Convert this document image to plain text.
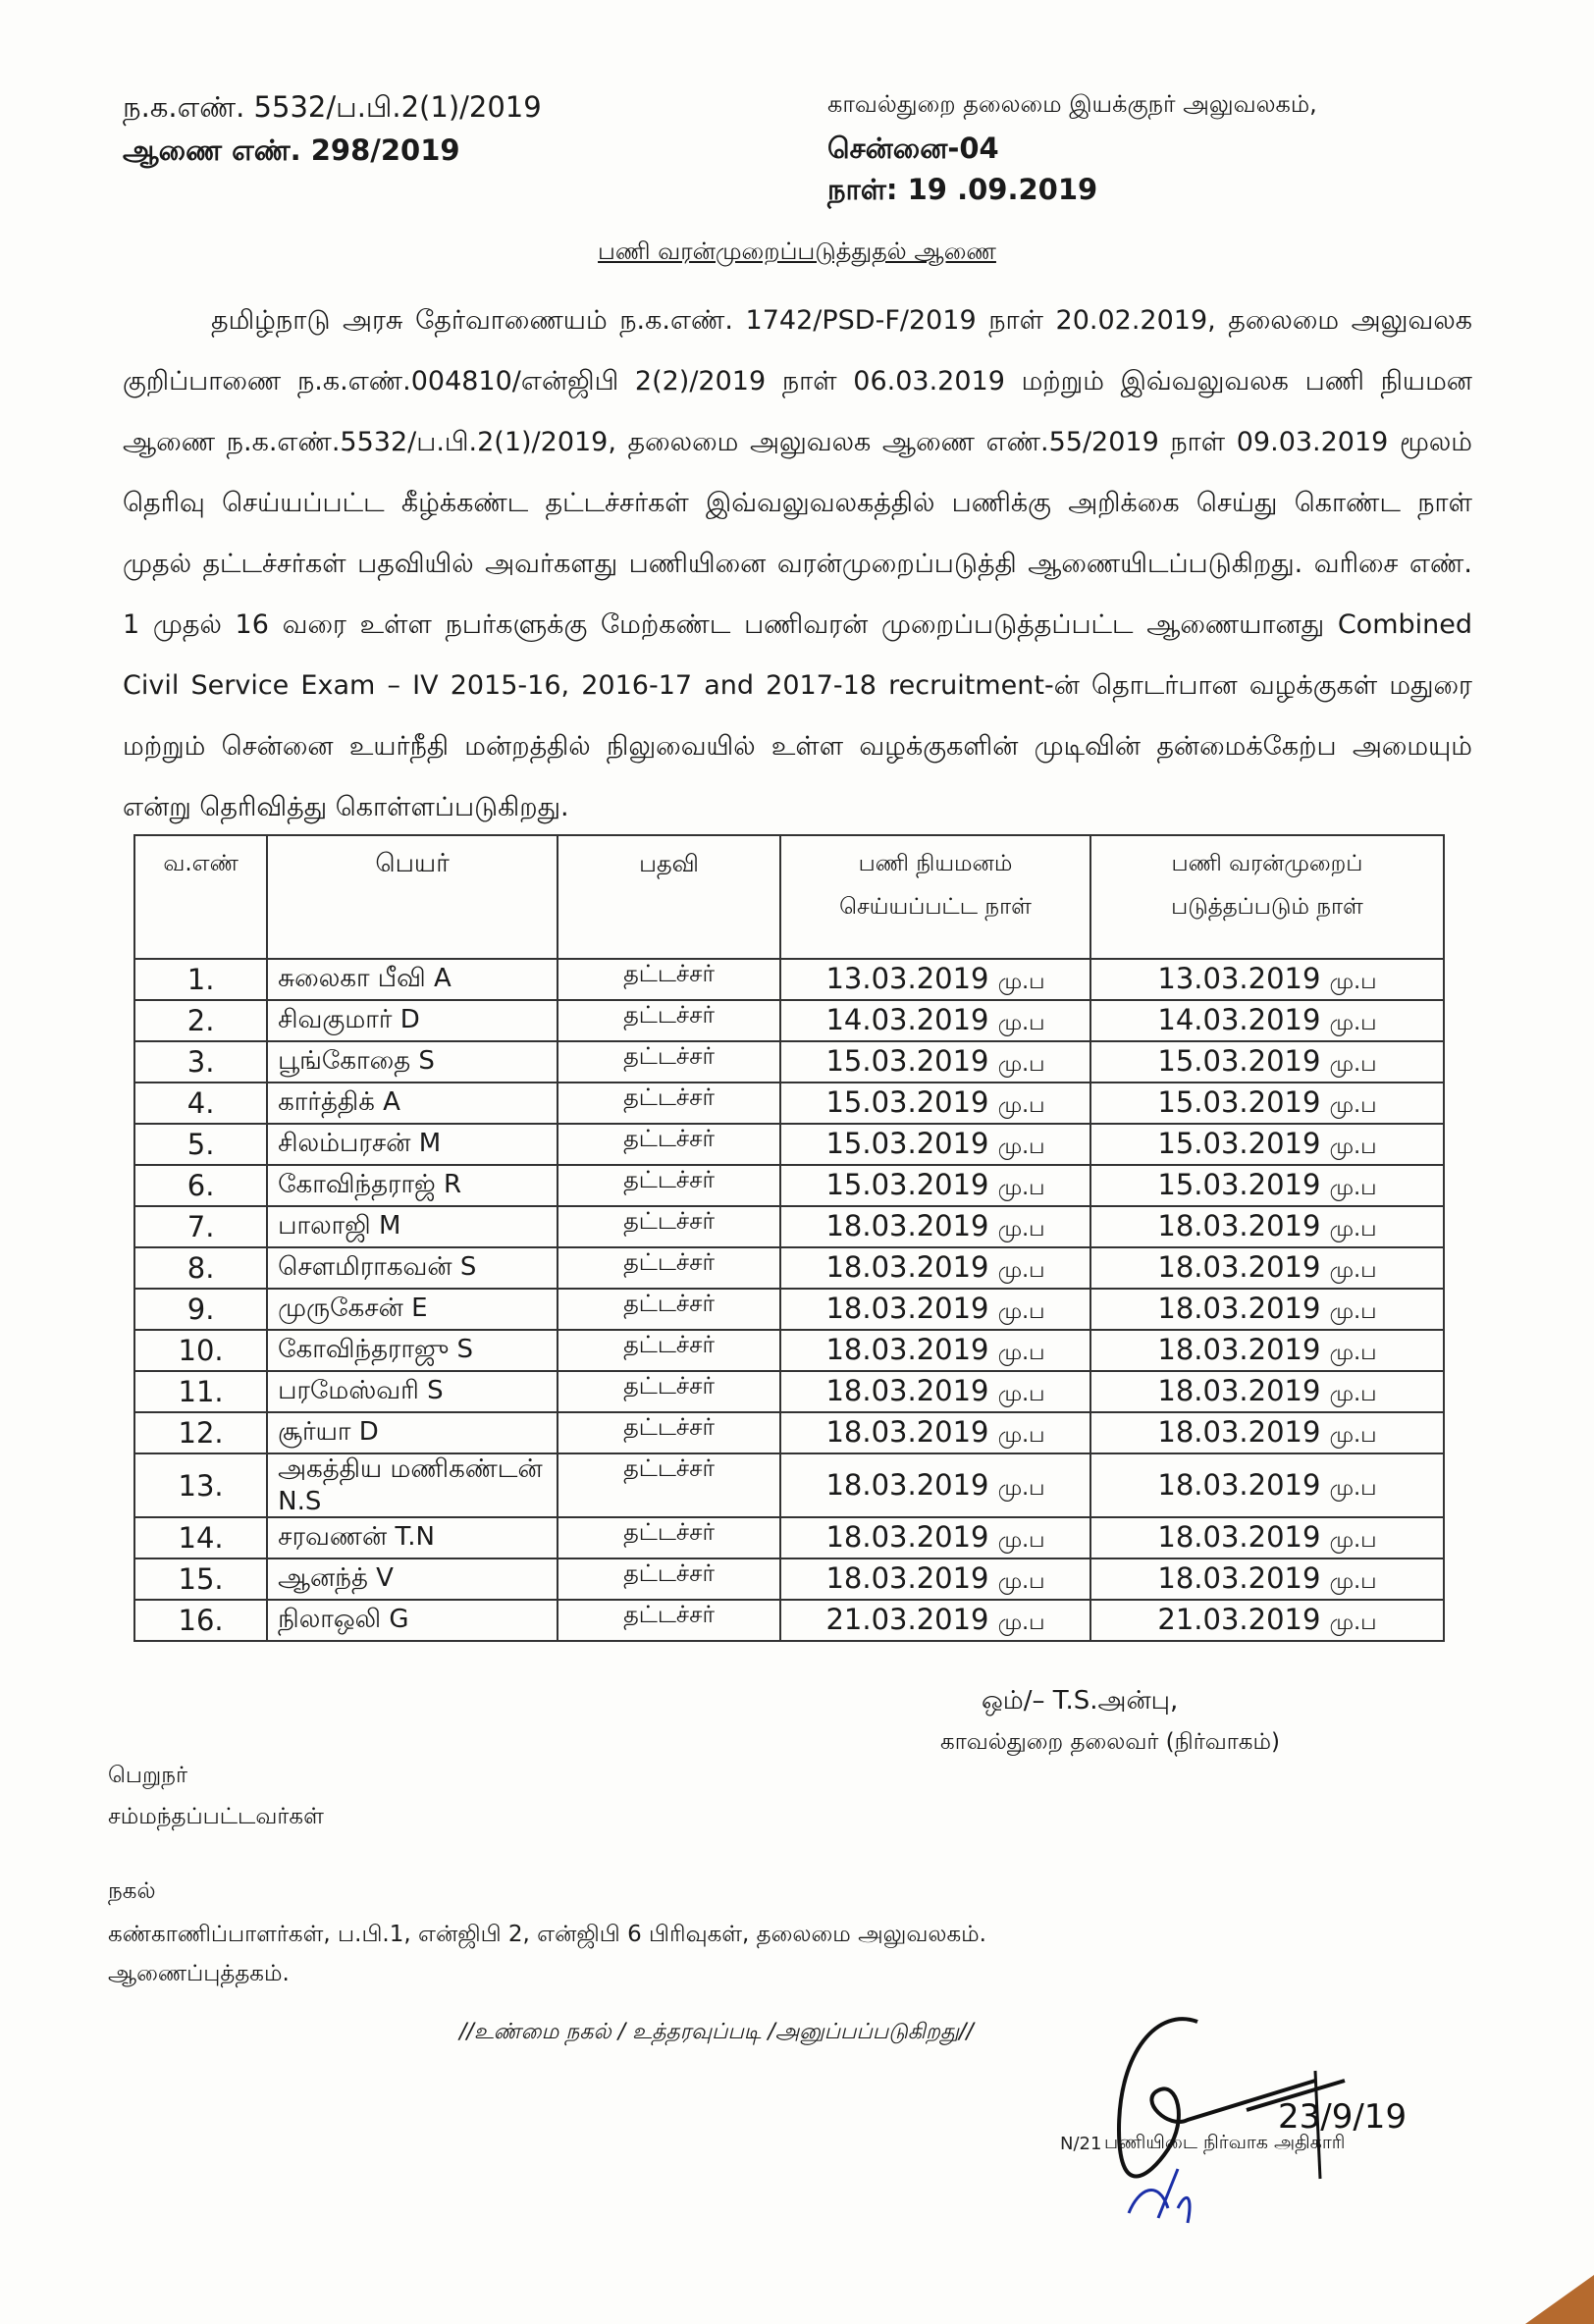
ந.க.எண். 5532/ப.பி.2(1)/2019
ஆணை எண். 298/2019
காவல்துறை தலைமை இயக்குநர் அலுவலகம்,
சென்னை-04
நாள்: 19 .09.2019
பணி வரன்முறைப்படுத்துதல் ஆணை
தமிழ்நாடு அரசு தேர்வாணையம் ந.க.எண். 1742/PSD-F/2019 நாள் 20.02.2019, தலைமை அலுவலக குறிப்பாணை ந.க.எண்.004810/என்ஜிபி 2(2)/2019 நாள் 06.03.2019 மற்றும் இவ்வலுவலக பணி நியமன ஆணை ந.க.எண்.5532/ப.பி.2(1)/2019, தலைமை அலுவலக ஆணை எண்.55/2019 நாள் 09.03.2019 மூலம் தெரிவு செய்யப்பட்ட கீழ்க்கண்ட தட்டச்சர்கள் இவ்வலுவலகத்தில் பணிக்கு அறிக்கை செய்து கொண்ட நாள் முதல் தட்டச்சர்கள் பதவியில் அவர்களது பணியினை வரன்முறைப்படுத்தி ஆணையிடப்படுகிறது. வரிசை எண். 1 முதல் 16 வரை உள்ள நபர்களுக்கு மேற்கண்ட பணிவரன் முறைப்படுத்தப்பட்ட ஆணையானது Combined Civil Service Exam – IV 2015-16, 2016-17 and 2017-18 recruitment-ன் தொடர்பான வழக்குகள் மதுரை மற்றும் சென்னை உயர்நீதி மன்றத்தில் நிலுவையில் உள்ள வழக்குகளின் முடிவின் தன்மைக்கேற்ப அமையும் என்று தெரிவித்து கொள்ளப்படுகிறது.
வ.எண்	பெயர்	பதவி	பணி நியமனம் செய்யப்பட்ட நாள்	பணி வரன்முறைப் படுத்தப்படும் நாள்
1.	சுலைகா பீவி A	தட்டச்சர்	13.03.2019 மு.ப	13.03.2019 மு.ப
2.	சிவகுமார் D	தட்டச்சர்	14.03.2019 மு.ப	14.03.2019 மு.ப
3.	பூங்கோதை S	தட்டச்சர்	15.03.2019 மு.ப	15.03.2019 மு.ப
4.	கார்த்திக் A	தட்டச்சர்	15.03.2019 மு.ப	15.03.2019 மு.ப
5.	சிலம்பரசன் M	தட்டச்சர்	15.03.2019 மு.ப	15.03.2019 மு.ப
6.	கோவிந்தராஜ் R	தட்டச்சர்	15.03.2019 மு.ப	15.03.2019 மு.ப
7.	பாலாஜி M	தட்டச்சர்	18.03.2019 மு.ப	18.03.2019 மு.ப
8.	சௌமிராகவன் S	தட்டச்சர்	18.03.2019 மு.ப	18.03.2019 மு.ப
9.	முருகேசன் E	தட்டச்சர்	18.03.2019 மு.ப	18.03.2019 மு.ப
10.	கோவிந்தராஜு S	தட்டச்சர்	18.03.2019 மு.ப	18.03.2019 மு.ப
11.	பரமேஸ்வரி S	தட்டச்சர்	18.03.2019 மு.ப	18.03.2019 மு.ப
12.	சூர்யா D	தட்டச்சர்	18.03.2019 மு.ப	18.03.2019 மு.ப
13.	அகத்திய மணிகண்டன் N.S	தட்டச்சர்	18.03.2019 மு.ப	18.03.2019 மு.ப
14.	சரவணன் T.N	தட்டச்சர்	18.03.2019 மு.ப	18.03.2019 மு.ப
15.	ஆனந்த் V	தட்டச்சர்	18.03.2019 மு.ப	18.03.2019 மு.ப
16.	நிலாஒலி G	தட்டச்சர்	21.03.2019 மு.ப	21.03.2019 மு.ப
ஒம்/– T.S.அன்பு,
காவல்துறை தலைவர் (நிர்வாகம்)
பெறுநர்
சம்மந்தப்பட்டவர்கள்
நகல்
கண்காணிப்பாளர்கள், ப.பி.1, என்ஜிபி 2, என்ஜிபி 6 பிரிவுகள், தலைமை அலுவலகம்.
ஆணைப்புத்தகம்.
//உண்மை நகல் / உத்தரவுப்படி /அனுப்பப்படுகிறது//
23/9/19
N/21 பணியிடை நிர்வாக அதிகாரி
